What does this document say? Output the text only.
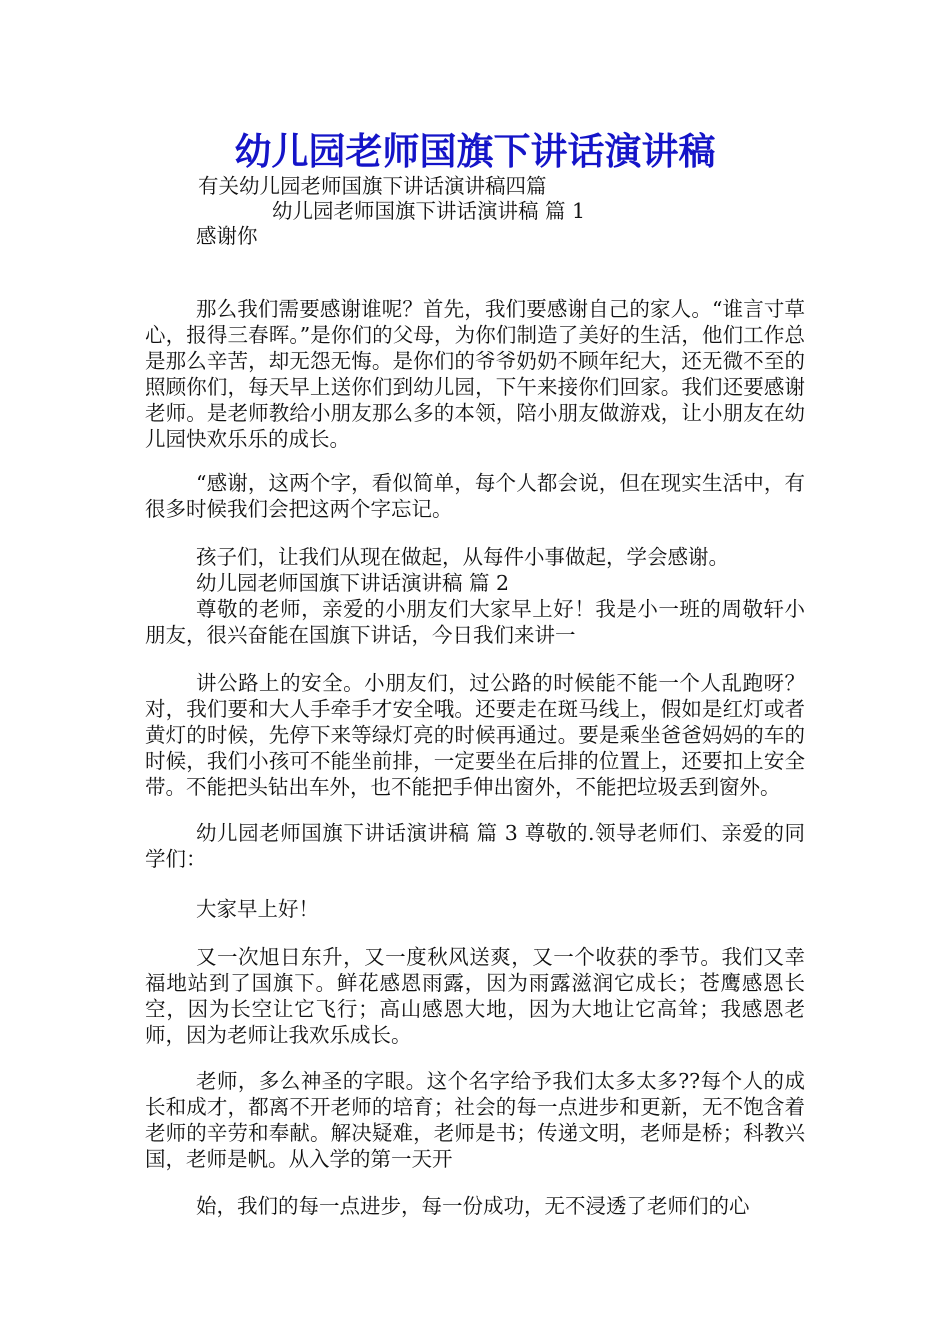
幼儿园老师国旗下讲话演讲稿
有关幼儿园老师国旗下讲话演讲稿四篇
幼儿园老师国旗下讲话演讲稿 篇 1
感谢你

那么我们需要感谢谁呢？首先，我们要感谢自己的家人。“谁言寸草心，报得三春晖。”是你们的父母，为你们制造了美好的生活，他们工作总是那么辛苦，却无怨无悔。是你们的爷爷奶奶不顾年纪大，还无微不至的照顾你们，每天早上送你们到幼儿园，下午来接你们回家。我们还要感谢老师。是老师教给小朋友那么多的本领，陪小朋友做游戏，让小朋友在幼儿园快欢乐乐的成长。

“感谢，这两个字，看似简单，每个人都会说，但在现实生活中，有很多时候我们会把这两个字忘记。

孩子们，让我们从现在做起，从每件小事做起，学会感谢。

幼儿园老师国旗下讲话演讲稿 篇 2

尊敬的老师，亲爱的小朋友们大家早上好！我是小一班的周敬轩小朋友，很兴奋能在国旗下讲话，今日我们来讲一

讲公路上的安全。小朋友们，过公路的时候能不能一个人乱跑呀？ 对，我们要和大人手牵手才安全哦。还要走在斑马线上，假如是红灯或者黄灯的时候，先停下来等绿灯亮的时候再通过。要是乘坐爸爸妈妈的车的时候，我们小孩可不能坐前排，一定要坐在后排的位置上，还要扣上安全带。不能把头钻出车外，也不能把手伸出窗外，不能把垃圾丢到窗外。

幼儿园老师国旗下讲话演讲稿 篇 3 尊敬的.领导老师们、亲爱的同学们：

大家早上好！

又一次旭日东升，又一度秋风送爽，又一个收获的季节。我们又幸福地站到了国旗下。鲜花感恩雨露，因为雨露滋润它成长；苍鹰感恩长空，因为长空让它飞行；高山感恩大地，因为大地让它高耸；我感恩老师，因为老师让我欢乐成长。

老师，多么神圣的字眼。这个名字给予我们太多太多??每个人的成长和成才，都离不开老师的培育；社会的每一点进步和更新，无不饱含着老师的辛劳和奉献。解决疑难，老师是书；传递文明，老师是桥；科教兴国，老师是帆。从入学的第一天开

始，我们的每一点进步，每一份成功，无不浸透了老师们的心
